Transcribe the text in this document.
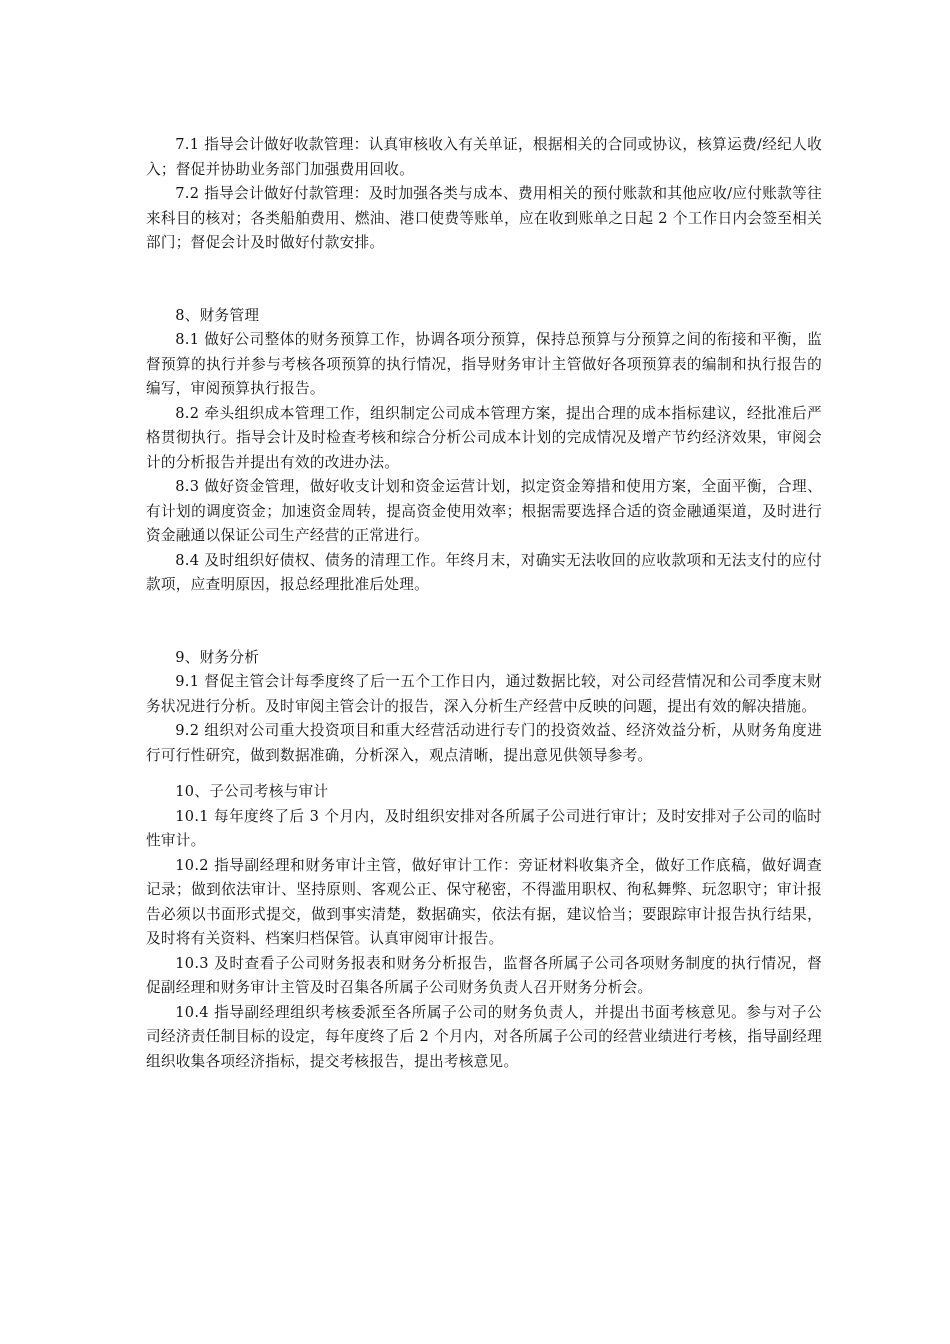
7.1 指导会计做好收款管理：认真审核收入有关单证，根据相关的合同或协议，核算运费/经纪人收入；督促并协助业务部门加强费用回收。

7.2 指导会计做好付款管理：及时加强各类与成本、费用相关的预付账款和其他应收/应付账款等往来科目的核对；各类船舶费用、燃油、港口使费等账单，应在收到账单之日起 2 个工作日内会签至相关部门；督促会计及时做好付款安排。

8、财务管理

8.1 做好公司整体的财务预算工作，协调各项分预算，保持总预算与分预算之间的衔接和平衡，监督预算的执行并参与考核各项预算的执行情况，指导财务审计主管做好各项预算表的编制和执行报告的编写，审阅预算执行报告。

8.2 牵头组织成本管理工作，组织制定公司成本管理方案，提出合理的成本指标建议，经批准后严格贯彻执行。指导会计及时检查考核和综合分析公司成本计划的完成情况及增产节约经济效果，审阅会计的分析报告并提出有效的改进办法。

8.3 做好资金管理，做好收支计划和资金运营计划，拟定资金筹措和使用方案，全面平衡，合理、有计划的调度资金；加速资金周转，提高资金使用效率；根据需要选择合适的资金融通渠道，及时进行资金融通以保证公司生产经营的正常进行。

8.4 及时组织好债权、债务的清理工作。年终月末，对确实无法收回的应收款项和无法支付的应付款项，应查明原因，报总经理批准后处理。

9、财务分析

9.1 督促主管会计每季度终了后一五个工作日内，通过数据比较，对公司经营情况和公司季度末财务状况进行分析。及时审阅主管会计的报告，深入分析生产经营中反映的问题，提出有效的解决措施。

9.2 组织对公司重大投资项目和重大经营活动进行专门的投资效益、经济效益分析，从财务角度进行可行性研究，做到数据准确，分析深入，观点清晰，提出意见供领导参考。

10、子公司考核与审计

10.1 每年度终了后 3 个月内，及时组织安排对各所属子公司进行审计；及时安排对子公司的临时性审计。

10.2 指导副经理和财务审计主管，做好审计工作：旁证材料收集齐全，做好工作底稿，做好调查记录；做到依法审计、坚持原则、客观公正、保守秘密，不得滥用职权、徇私舞弊、玩忽职守；审计报告必须以书面形式提交，做到事实清楚，数据确实，依法有据，建议恰当；要跟踪审计报告执行结果，及时将有关资料、档案归档保管。认真审阅审计报告。

10.3 及时查看子公司财务报表和财务分析报告，监督各所属子公司各项财务制度的执行情况，督促副经理和财务审计主管及时召集各所属子公司财务负责人召开财务分析会。

10.4 指导副经理组织考核委派至各所属子公司的财务负责人，并提出书面考核意见。参与对子公司经济责任制目标的设定，每年度终了后 2 个月内，对各所属子公司的经营业绩进行考核，指导副经理组织收集各项经济指标，提交考核报告，提出考核意见。
